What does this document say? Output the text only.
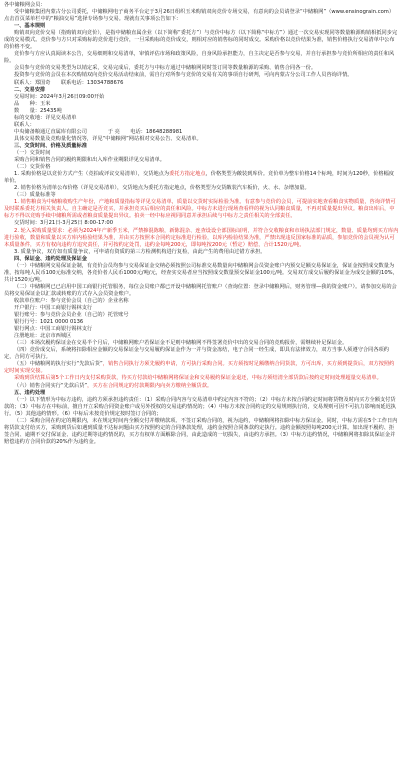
各中储粮网会员：

受中储粮集团内蒙古分公司委托，中储粮网电子商务平台定于3月26日组织玉米购销双向竞价专场交易，有意向的会员请登录“中储粮网”（www.ensinograin.com）点击首页菜单栏中的“粮油交易”选择专场参与交易。现就有关事项公告如下：

一、基本规则

购销双向竞价交易（指购销双向竞价），是指中储粮直属企业（以下简称“委托方”）与竞价中标方（以下简称“中标方”）通过一次交易实现同等数量粮源购销相抵同步完成的交易模式。竞价参与方只对采购标的竞价进行竞价，一旦采购标的竞价成交，则相对应的销售标的同时成交。采购价格以竞价结果为准，销售价格执行交易清单中公布的价格不变。

竞价参与方应认真阅读本公告，交易细则和交易清单，审慎评估市场和政策风险，自身风险承担能力，自主决定是否参与交易，并自行承担参与竞价所相应的责任和风险。

会员参与竞价的交易类型为以销定采，交易完成后，委托方与中标方通过中储粮网同时签订同等数量粮源的采购、销售合同各一份。

投资参与竞价的会员在本次购销双向竞价交易活动结束前，需自行对所参与竞价的交易有关的事项自行研判，可向内蒙古分公司工作人员咨询详情。

联系人：郑国奇　　联系电话：13034788676

二、交易安排

交易时间：2024年3月26日09:00开始

品　　种：玉米

数　　量：25435吨

标的交收地：详见交易清单

联系人：

中央储备粮通辽直属库有限公司　　　　于 亮　　电话：18648288981

具体交易数量及竞购量化情况等，详见“中储粮网”网站相对交易公告、交易清单。

三、交货时间、价格及质量标准

（一）交货时间

采购合同和销售合同的履约期限和出入库作业期限详见交易清单。

（二）交货价格

1. 采购价格是以竞价方式产生（竞拍或评议交易清单），交货地点为委托方指定地点，价格类型为敞装到库价。竞价单为整车价格14个标吨，时间为120秒，价格幅度单价。

2. 销售价格为清单公布价格（详见交易清单），交货地点为委托方指定地点，价格类型为交货敞装汽车板价，火、水、杂增加量。

（三）质量标准等

1. 销售粮食为中储粮收购生产年份，产地和质量指标等详见交易清单，质量以交货时实际检验为准。有意参与竞价的会员，可提前实地查看粮食实物质量，咨询详情可及时联系委托方相关负责人。自主确定是否竞买，并承担竞买后相应的责任和风险。中标方未进行现场查看样的视为认同粮食质量，不再对质量提出异议。粮食出库后，中标方不得以竞购手续中储粮所需或者粮食质量提出异议。拍卖一经中标应视同同意并承担后续与中标方之责任相关的全部责任。

交货时间：3月21日-3月25日 8:00-17:00

2. 轮入采购质量要求：必须为2024年产新季玉米，严禁掺混陈粮，新陈混杂、连查设设全部国标证明，并符合交收粮食和市场执法部门规定，数量、质量均到买方库内进行验收，数量和质量以买方库内检验结果为准，并由买方按照本合同约定标准进行检验，以库内检验结果为准，严禁出现违反国家标准的品质，参加竞价的会员视为认可本质量条件，买方有权向违约方追究责任，并可按约定处罚，违约金每吨200元，即每吨按200元（暂定）赔偿，合计1520元/吨。

3. 质量争议，双方如有质量争议，可申请有资质的第三方检测机构进行复检，由此产生的费用由过错方承担。

四、保证金、违约处理及保证金

（一）中储粮网交易保证金制，有竞价会员均参与交易保证金交纳必须按照公司标准交易数量向中储粮网会员资金账户内预交足额交易保证金，保证金按照成交数量为准，按每吨人民币100元标准交纳，各竞价者人民币1000元/吨/元，经查实交易者应当按照成交数量预交保证金100元/吨。交易双方成交后履约保证金为成交金额的10%，共计1520元/吨。

（二）中储粮网已已启用中国工商银行托管服务，每位会员账户都已开设中储粮网托管账户（查询位置：登录中储粮网后，财务管理—我的资金账户）。请参加交易的会员将交易保证金以汇款或转账的方式存入会员资金账户。

收款单位账户：参与竞价会员（自己的）企业名称

开户银行：中国工商银行锡林支行

银行账号：参与竞价会员企业（自己的）托管账号

银行行号：1021 0000 0136

银行网点：中国工商银行锡林支行

注册地址：北京市西城区

（三）本场次履约保证金在交易半个月后，中储粮网账户若保证金不足则中储粮网不得签署竞价中出的交易合同的竞购报价，需继续补足保证金。

（四）竞价成交后，系统将扣除相应金额的交易保证金与交易履约保证金作为一并与资金冻结，电子合同一经生成，即具有法律效力，双方当事人须遵守合同各项约定，合同方可执行。

（五）中储粮网的执行实行“先款后货”，销售合同执行方须先履约申请，方可执行采购合同。买方须按时足额缴纳合同货款，方可出库，买方须到提货后，双方按照约定时间实现交接。

采购到货结算后第5个工作日内支付采购货款，待买方付款给中储粮网将保证金和交易履约保证金退还，中标方须结清全部货款后按约定时间处理超量交易清单。

（六）销售合同实行“先款后货”，买方在合同规定的付款期限内向卖方缴纳全额货款。

五、违约处理

（一）以下情形为中标方违约，违约方须承担违约责任：（1）采购合同内容与交易清单中约定内容不符的；（2）中标方未按合同约定时间将货物及时向买方全额支付货款的；（3）中标方在中标前，擅自开立采购合同资金账户或另外授权的交易违约情况的；（4）中标方未按合同约定的交易规则执行的，交易规则可因不可抗力影响而延迟执行。（5）其他违约情形。（6）中标后未按竞价规定按时签订合同的；

（二）采购合同在约定的期限内，未在规定时间内全额交付并缴纳款项、不签订采购合同的，视为违约，中储粮网将扣除中标方保证金。同时，中标方需在5个工作日内将货款支付给买方，采购到货后如遇到质量不达标问题由买方按照约定的合同条款处理，违约金按照合同条款约定执行。违约金额按照每吨200元计算。如出现不履约、拒签合同、逾期不交付保证金、违约过期等违约情况的，买方有权单方面解除合同，由此造成的一切损失，由违约方承担。（3）中标方违约情况，中储粮网将扣除其保证金并赔偿违约方合同价款的20%作为违约金。
